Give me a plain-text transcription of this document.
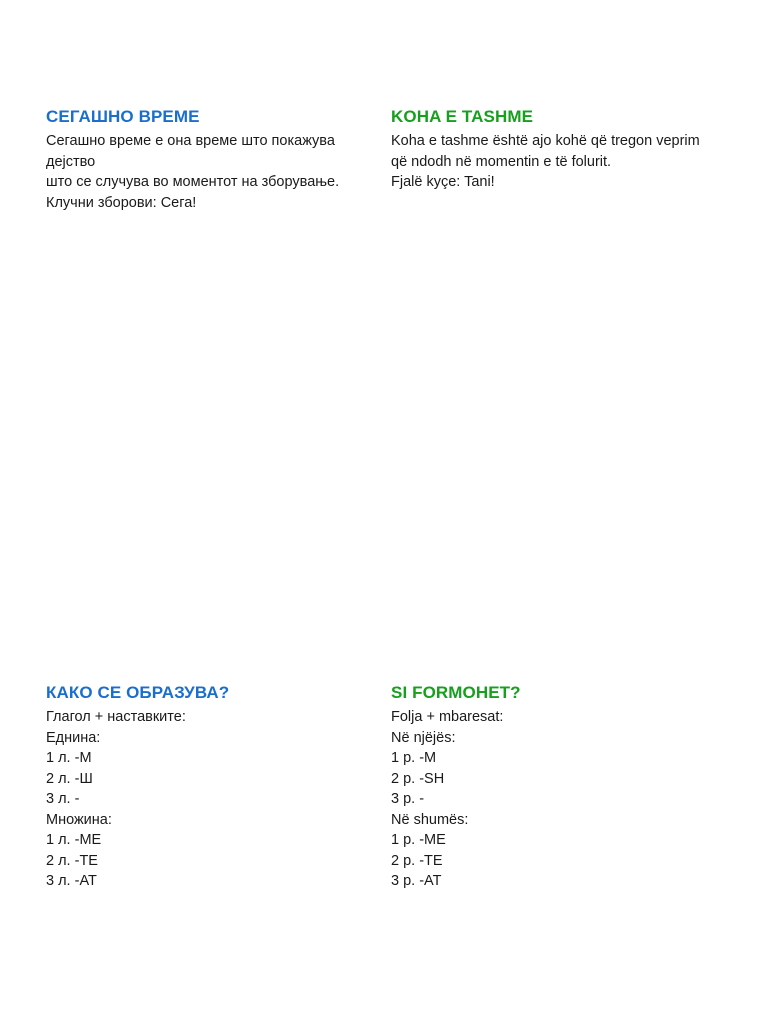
СЕГАШНО ВРЕМЕ
Сегашно време е она време што покажува
дејство
што се случува во моментот на зборување.
Клучни зборови: Сега!
KOHA E TASHME
Koha e tashme është ajo kohë që tregon veprim
që ndodh në momentin e të folurit.
Fjalë kyçe: Tani!
КАКО СЕ ОБРАЗУВА?
Глагол + наставките:
Еднина:
1 л. -М
2 л. -Ш
3 л. -
Множина:
1 л. -МЕ
2 л. -ТЕ
3 л. -АТ
SI FORMOHET?
Folja + mbaresat:
Në njëjës:
1 p. -M
2 p. -SH
3 p. -
Në shumës:
1 p. -ME
2 p. -TE
3 p. -AT
